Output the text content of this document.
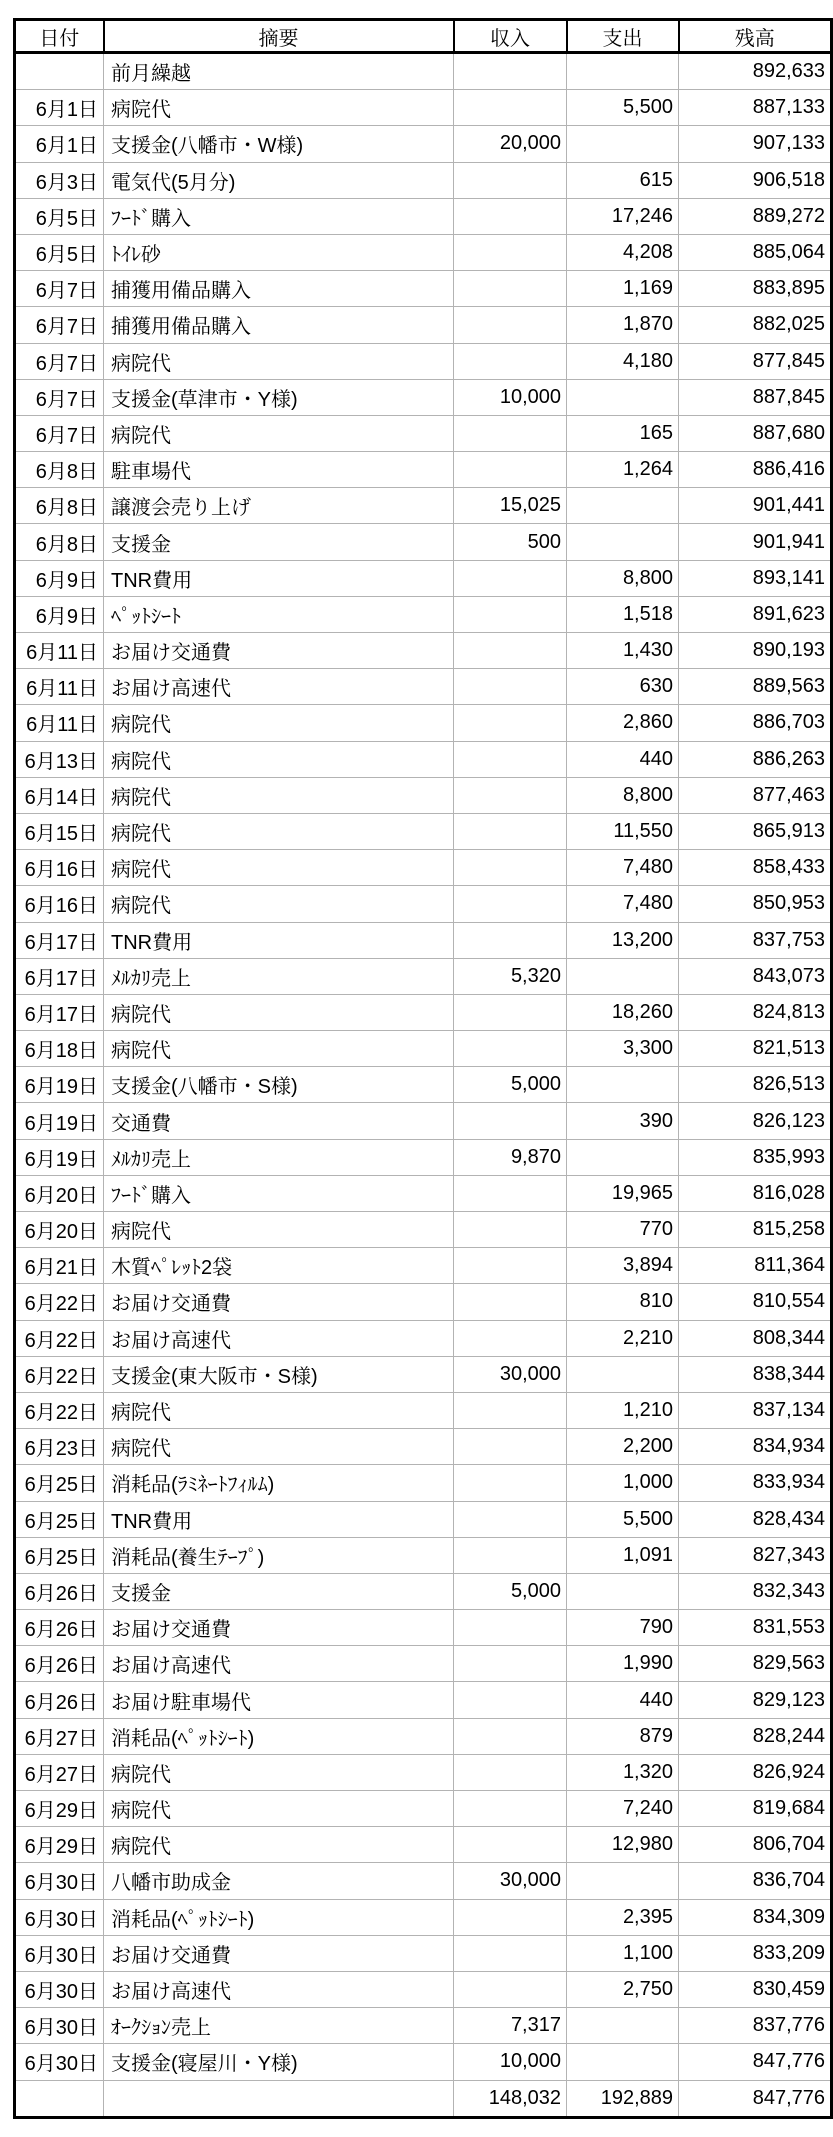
日付	摘要	収入	支出	残高
	前月繰越			892,633
6月1日	病院代		5,500	887,133
6月1日	支援金(八幡市・W様)	20,000		907,133
6月3日	電気代(5月分)		615	906,518
6月5日	ﾌｰﾄﾞ購入		17,246	889,272
6月5日	ﾄｲﾚ砂		4,208	885,064
6月7日	捕獲用備品購入		1,169	883,895
6月7日	捕獲用備品購入		1,870	882,025
6月7日	病院代		4,180	877,845
6月7日	支援金(草津市・Y様)	10,000		887,845
6月7日	病院代		165	887,680
6月8日	駐車場代		1,264	886,416
6月8日	譲渡会売り上げ	15,025		901,441
6月8日	支援金	500		901,941
6月9日	TNR費用		8,800	893,141
6月9日	ﾍﾟｯﾄｼｰﾄ		1,518	891,623
6月11日	お届け交通費		1,430	890,193
6月11日	お届け高速代		630	889,563
6月11日	病院代		2,860	886,703
6月13日	病院代		440	886,263
6月14日	病院代		8,800	877,463
6月15日	病院代		11,550	865,913
6月16日	病院代		7,480	858,433
6月16日	病院代		7,480	850,953
6月17日	TNR費用		13,200	837,753
6月17日	ﾒﾙｶﾘ売上	5,320		843,073
6月17日	病院代		18,260	824,813
6月18日	病院代		3,300	821,513
6月19日	支援金(八幡市・S様)	5,000		826,513
6月19日	交通費		390	826,123
6月19日	ﾒﾙｶﾘ売上	9,870		835,993
6月20日	ﾌｰﾄﾞ購入		19,965	816,028
6月20日	病院代		770	815,258
6月21日	木質ﾍﾟﾚｯﾄ2袋		3,894	811,364
6月22日	お届け交通費		810	810,554
6月22日	お届け高速代		2,210	808,344
6月22日	支援金(東大阪市・S様)	30,000		838,344
6月22日	病院代		1,210	837,134
6月23日	病院代		2,200	834,934
6月25日	消耗品(ﾗﾐﾈｰﾄﾌｨﾙﾑ)		1,000	833,934
6月25日	TNR費用		5,500	828,434
6月25日	消耗品(養生ﾃｰﾌﾟ)		1,091	827,343
6月26日	支援金	5,000		832,343
6月26日	お届け交通費		790	831,553
6月26日	お届け高速代		1,990	829,563
6月26日	お届け駐車場代		440	829,123
6月27日	消耗品(ﾍﾟｯﾄｼｰﾄ)		879	828,244
6月27日	病院代		1,320	826,924
6月29日	病院代		7,240	819,684
6月29日	病院代		12,980	806,704
6月30日	八幡市助成金	30,000		836,704
6月30日	消耗品(ﾍﾟｯﾄｼｰﾄ)		2,395	834,309
6月30日	お届け交通費		1,100	833,209
6月30日	お届け高速代		2,750	830,459
6月30日	ｵｰｸｼｮﾝ売上	7,317		837,776
6月30日	支援金(寝屋川・Y様)	10,000		847,776
		148,032	192,889	847,776
